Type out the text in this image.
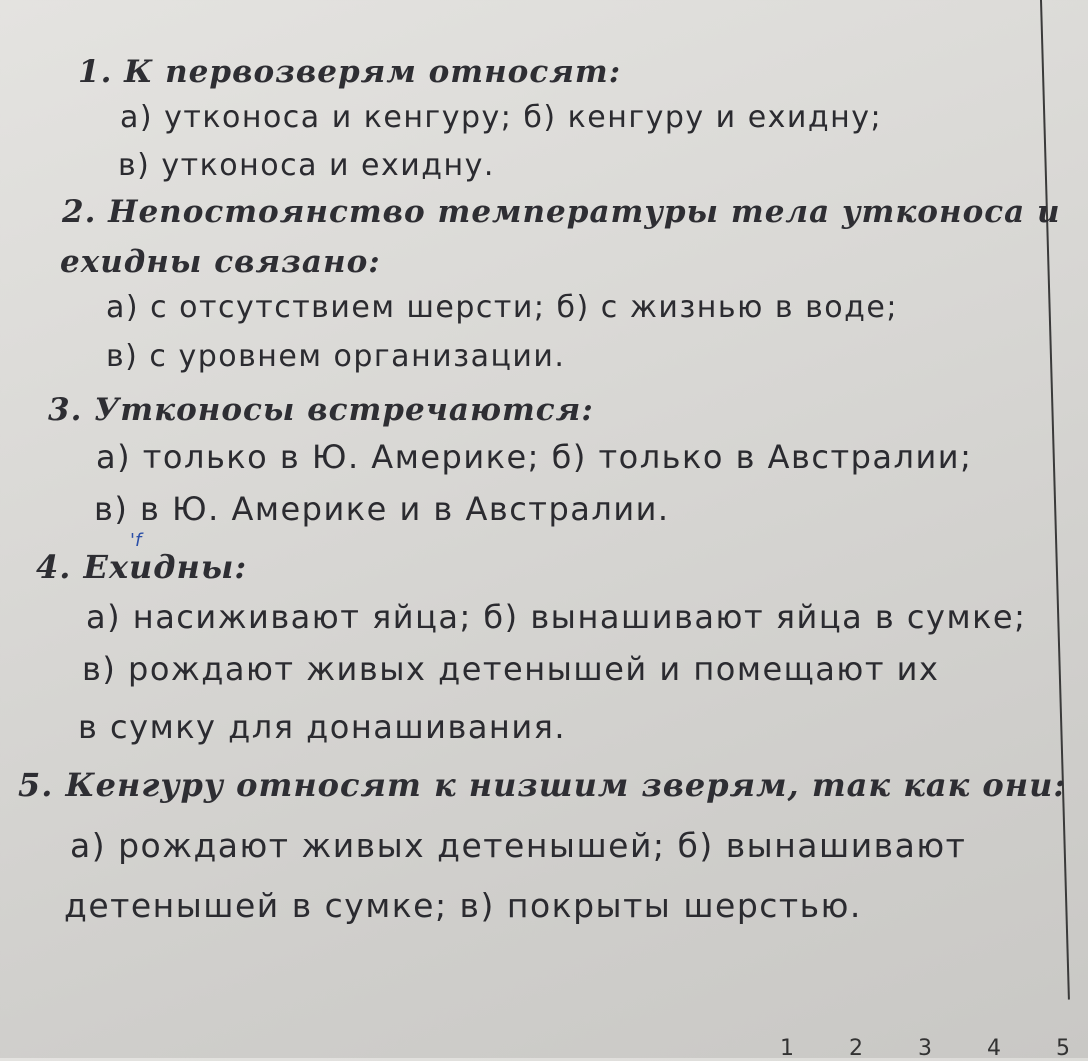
1. К первозверям относят:
а) утконоса и кенгуру; б) кенгуру и ехидну;
в) утконоса и ехидну.
2. Непостоянство температуры тела утконоса и
ехидны связано:
а) с отсутствием шерсти; б) с жизнью в воде;
в) с уровнем организации.
3. Утконосы встречаются:
а) только в Ю. Америке; б) только в Австралии;
в) в Ю. Америке и в Австралии.
'f
4. Ехидны:
а) насиживают яйца; б) вынашивают яйца в сумке;
в) рождают живых детенышей и помещают их
в сумку для донашивания.
5. Кенгуру относят к низшим зверям, так как они:
а) рождают живых детенышей; б) вынашивают
детенышей в сумке; в) покрыты шерстью.
1	2	3	4	5
